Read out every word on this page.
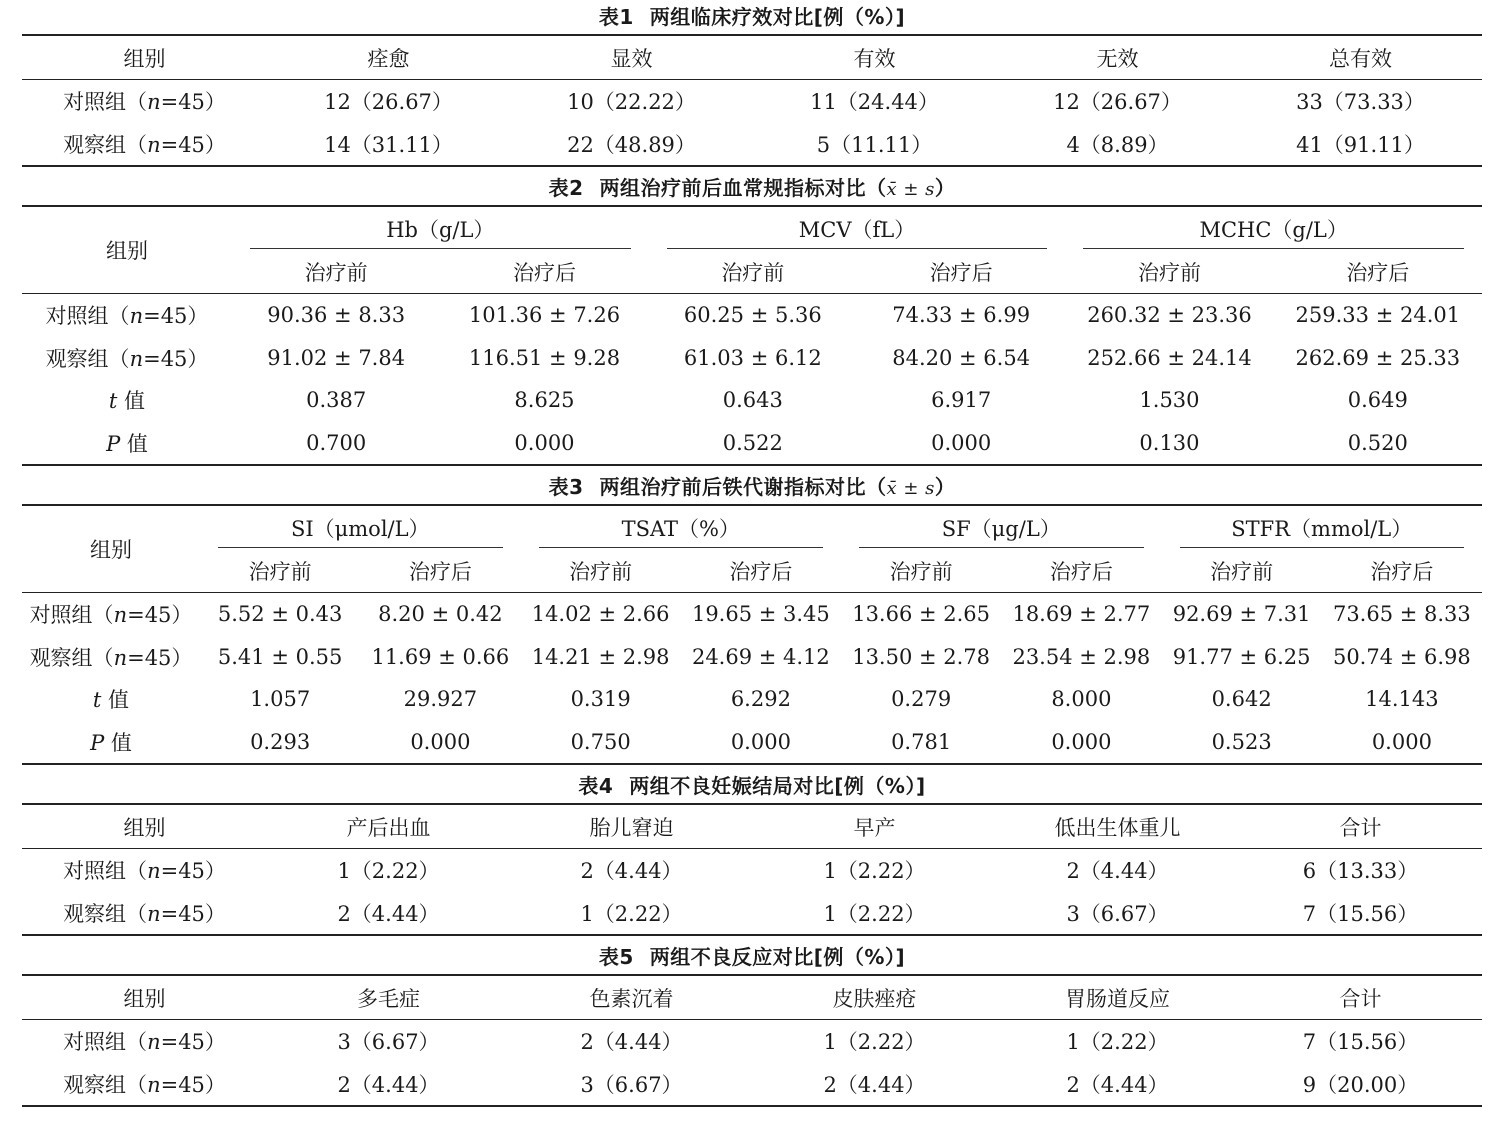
表1 两组临床疗效对比[例（%）]
组别	痊愈	显效	有效	无效	总有效
对照组（n=45）	12（26.67）	10（22.22）	11（24.44）	12（26.67）	33（73.33）
观察组（n=45）	14（31.11）	22（48.89）	5（11.11）	4（8.89）	41（91.11）
表2 两组治疗前后血常规指标对比（x̄ ± s）
组别	Hb（g/L）		MCV（fL）		MCHC（g/L）	

	治疗前	治疗后	治疗前	治疗后	治疗前	治疗后
对照组（n=45）	90.36 ± 8.33	101.36 ± 7.26	60.25 ± 5.36	74.33 ± 6.99	260.32 ± 23.36	259.33 ± 24.01
观察组（n=45）	91.02 ± 7.84	116.51 ± 9.28	61.03 ± 6.12	84.20 ± 6.54	252.66 ± 24.14	262.69 ± 25.33
t 值	0.387	8.625	0.643	6.917	1.530	0.649
P 值	0.700	0.000	0.522	0.000	0.130	0.520
表3 两组治疗前后铁代谢指标对比（x̄ ± s）
组别	SI（μmol/L）		TSAT（%）		SF（μg/L）		STFR（mmol/L）	

	治疗前	治疗后	治疗前	治疗后	治疗前	治疗后	治疗前	治疗后
对照组（n=45）	5.52 ± 0.43	8.20 ± 0.42	14.02 ± 2.66	19.65 ± 3.45	13.66 ± 2.65	18.69 ± 2.77	92.69 ± 7.31	73.65 ± 8.33
观察组（n=45）	5.41 ± 0.55	11.69 ± 0.66	14.21 ± 2.98	24.69 ± 4.12	13.50 ± 2.78	23.54 ± 2.98	91.77 ± 6.25	50.74 ± 6.98
t 值	1.057	29.927	0.319	6.292	0.279	8.000	0.642	14.143
P 值	0.293	0.000	0.750	0.000	0.781	0.000	0.523	0.000
表4 两组不良妊娠结局对比[例（%）]
组别	产后出血	胎儿窘迫	早产	低出生体重儿	合计
对照组（n=45）	1（2.22）	2（4.44）	1（2.22）	2（4.44）	6（13.33）
观察组（n=45）	2（4.44）	1（2.22）	1（2.22）	3（6.67）	7（15.56）
表5 两组不良反应对比[例（%）]
组别	多毛症	色素沉着	皮肤痤疮	胃肠道反应	合计
对照组（n=45）	3（6.67）	2（4.44）	1（2.22）	1（2.22）	7（15.56）
观察组（n=45）	2（4.44）	3（6.67）	2（4.44）	2（4.44）	9（20.00）
